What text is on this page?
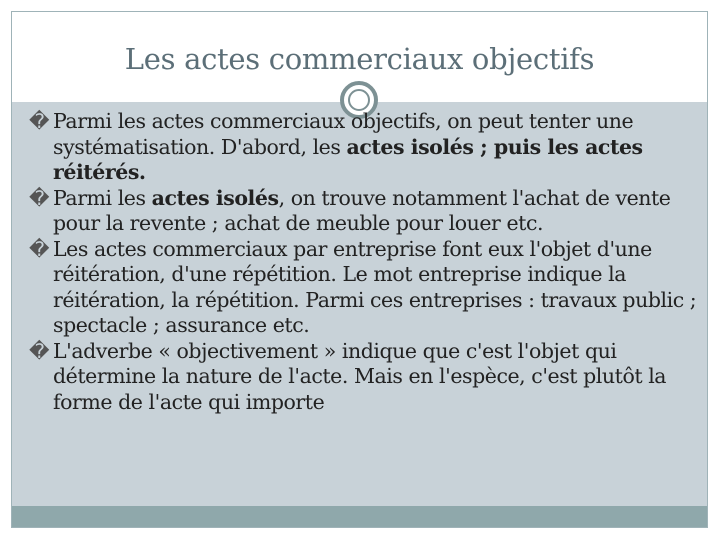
Les actes commerciaux objectifs
� Parmi les actes commerciaux objectifs, on peut tenter une systématisation. D'abord, les actes isolés ; puis les actes réitérés.
� Parmi les actes isolés, on trouve notamment l'achat de vente pour la revente ; achat de meuble pour louer etc.
� Les actes commerciaux par entreprise font eux l'objet d'une réitération, d'une répétition. Le mot entreprise indique la réitération, la répétition. Parmi ces entreprises : travaux public ; spectacle ; assurance etc.
� L'adverbe « objectivement » indique que c'est l'objet qui détermine la nature de l'acte. Mais en l'espèce, c'est plutôt la forme de l'acte qui importe
